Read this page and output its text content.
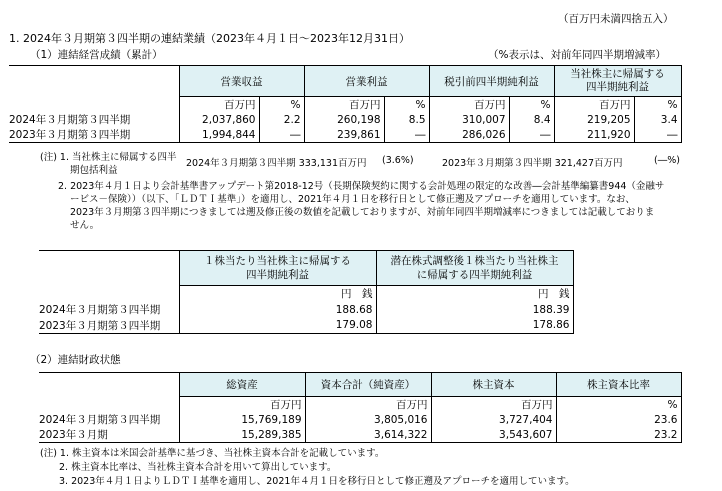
（百万円未満四捨五入）
1. 2024年３月期第３四半期の連結業績（2023年４月１日～2023年12月31日）
（1）連結経営成績（累計）	（%表示は、対前年同四半期増減率）
	営業収益		営業利益		税引前四半期純利益		当社株主に帰属する
四半期純利益	
	百万円	%	百万円	%	百万円	%	百万円	%
2024年３月期第３四半期	2,037,860	2.2	260,198	8.5	310,007	8.4	219,205	3.4
2023年３月期第３四半期	1,994,844	―	239,861	―	286,026	―	211,920	―
(注) 1. 当社株主に帰属する四半
期包括利益
2024年３月期第３四半期 333,131百万円 (3.6%)	2023年３月期第３四半期 321,427百万円	(―%)
2. 2023年４月１日より会計基準書アップデート第2018-12号（長期保険契約に関する会計処理の限定的な改善―会計基準編纂書944（金融サ
ービス－保険））（以下、「ＬＤＴＩ基準」）を適用し、2021年４月１日を移行日として修正遡及アプローチを適用しています。なお、
2023年３月期第３四半期につきましては遡及修正後の数値を記載しておりますが、対前年同四半期増減率につきましては記載しておりま
せん。
	１株当たり当社株主に帰属する
四半期純利益	潜在株式調整後１株当たり当社株主
に帰属する四半期純利益
	円　銭	円　銭
2024年３月期第３四半期	188.68	188.39
2023年３月期第３四半期	179.08	178.86
（2）連結財政状態
	総資産	資本合計（純資産）	株主資本	株主資本比率
	百万円	百万円	百万円	%
2024年３月期第３四半期	15,769,189	3,805,016	3,727,404	23.6
2023年３月期	15,289,385	3,614,322	3,543,607	23.2
(注) 1. 株主資本は米国会計基準に基づき、当社株主資本合計を記載しています。
2. 株主資本比率は、当社株主資本合計を用いて算出しています。
3. 2023年４月１日よりＬＤＴＩ基準を適用し、2021年４月１日を移行日として修正遡及アプローチを適用しています。
